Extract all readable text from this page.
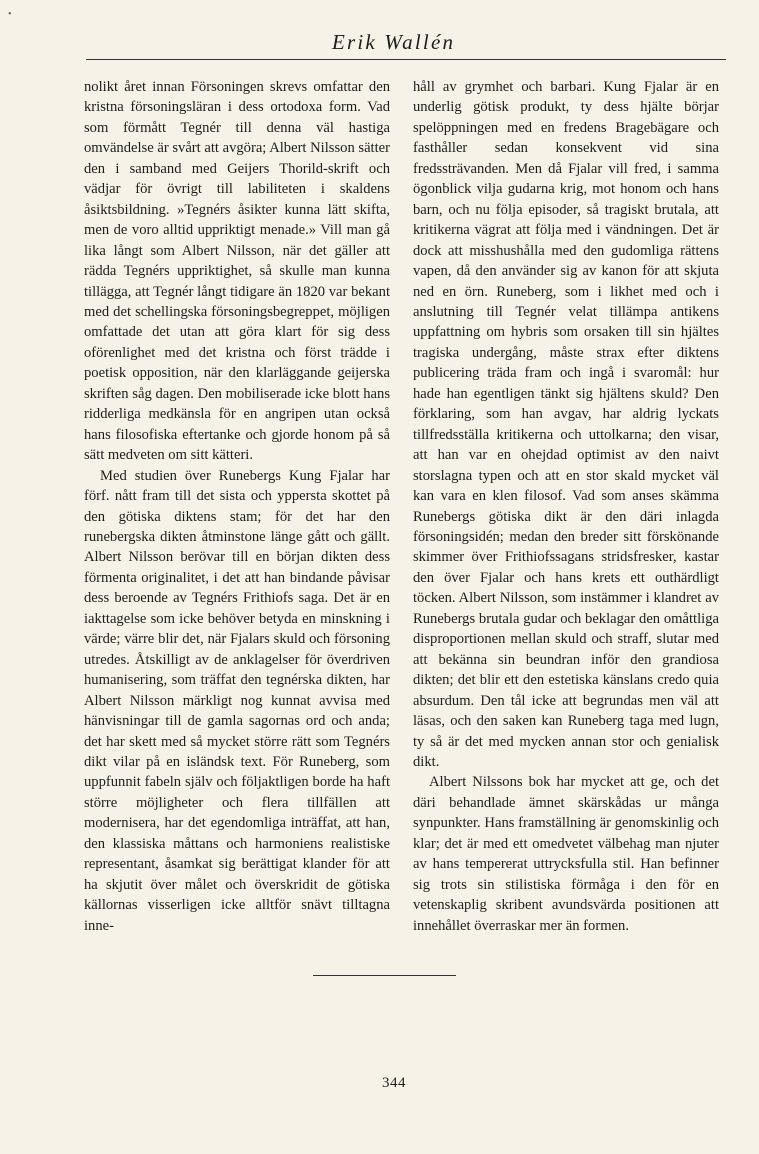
•
Erik Wallén

nolikt året innan Försoningen skrevs omfattar den kristna försoningsläran i dess ortodoxa form. Vad som förmått Tegnér till denna väl hastiga omvändelse är svårt att avgöra; Albert Nilsson sätter den i samband med Geijers Thorild-skrift och vädjar för övrigt till labiliteten i skaldens åsiktsbildning. »Tegnérs åsikter kunna lätt skifta, men de voro alltid uppriktigt menade.» Vill man gå lika långt som Albert Nilsson, när det gäller att rädda Tegnérs uppriktighet, så skulle man kunna tillägga, att Tegnér långt tidigare än 1820 var bekant med det schellingska försoningsbegreppet, möjligen omfattade det utan att göra klart för sig dess oförenlighet med det kristna och först trädde i poetisk opposition, när den klarläggande geijerska skriften såg dagen. Den mobiliserade icke blott hans ridderliga medkänsla för en angripen utan också hans filosofiska eftertanke och gjorde honom på så sätt medveten om sitt kätteri.

Med studien över Runebergs Kung Fjalar har förf. nått fram till det sista och yppersta skottet på den götiska diktens stam; för det har den runebergska dikten åtminstone länge gått och gällt. Albert Nilsson berövar till en början dikten dess förmenta originalitet, i det att han bindande påvisar dess beroende av Tegnérs Frithiofs saga. Det är en iakttagelse som icke behöver betyda en minskning i värde; värre blir det, när Fjalars skuld och försoning utredes. Åtskilligt av de anklagelser för överdriven humanisering, som träffat den tegnérska dikten, har Albert Nilsson märkligt nog kunnat avvisa med hänvisningar till de gamla sagornas ord och anda; det har skett med så mycket större rätt som Tegnérs dikt vilar på en isländsk text. För Runeberg, som uppfunnit fabeln själv och följaktligen borde ha haft större möjligheter och flera tillfällen att modernisera, har det egendomliga inträffat, att han, den klassiska måttans och harmoniens realistiske representant, åsamkat sig berättigat klander för att ha skjutit över målet och överskridit de götiska källornas visserligen icke alltför snävt tilltagna inne-

håll av grymhet och barbari. Kung Fjalar är en underlig götisk produkt, ty dess hjälte börjar spelöppningen med en fredens Bragebägare och fasthåller sedan konsekvent vid sina fredssträvanden. Men då Fjalar vill fred, i samma ögonblick vilja gudarna krig, mot honom och hans barn, och nu följa episoder, så tragiskt brutala, att kritikerna vägrat att följa med i vändningen. Det är dock att misshushålla med den gudomliga rättens vapen, då den använder sig av kanon för att skjuta ned en örn. Runeberg, som i likhet med och i anslutning till Tegnér velat tillämpa antikens uppfattning om hybris som orsaken till sin hjältes tragiska undergång, måste strax efter diktens publicering träda fram och ingå i svaromål: hur hade han egentligen tänkt sig hjältens skuld? Den förklaring, som han avgav, har aldrig lyckats tillfredsställa kritikerna och uttolkarna; den visar, att han var en ohejdad optimist av den naivt storslagna typen och att en stor skald mycket väl kan vara en klen filosof. Vad som anses skämma Runebergs götiska dikt är den däri inlagda försoningsidén; medan den breder sitt förskönande skimmer över Frithiofssagans stridsfresker, kastar den över Fjalar och hans krets ett outhärdligt töcken. Albert Nilsson, som instämmer i klandret av Runebergs brutala gudar och beklagar den omåttliga disproportionen mellan skuld och straff, slutar med att bekänna sin beundran inför den grandiosa dikten; det blir ett den estetiska känslans credo quia absurdum. Den tål icke att begrundas men väl att läsas, och den saken kan Runeberg taga med lugn, ty så är det med mycken annan stor och genialisk dikt.

Albert Nilssons bok har mycket att ge, och det däri behandlade ämnet skärskådas ur många synpunkter. Hans framställning är genomskinlig och klar; det är med ett omedvetet välbehag man njuter av hans tempererat uttrycksfulla stil. Han befinner sig trots sin stilistiska förmåga i den för en vetenskaplig skribent avundsvärda positionen att innehållet överraskar mer än formen.

344
